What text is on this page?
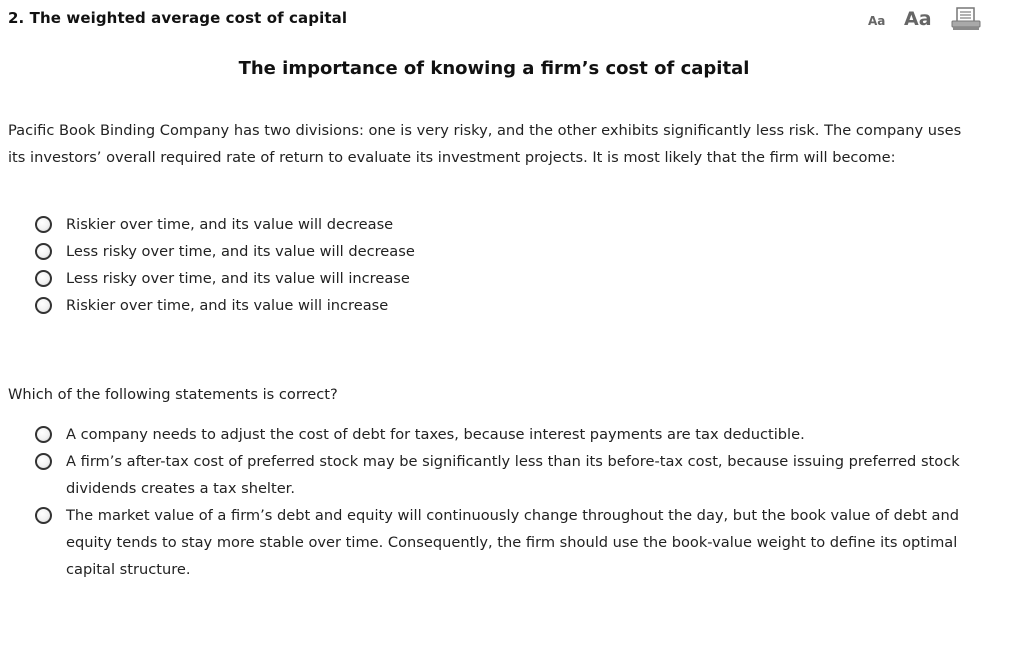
2. The weighted average cost of capital	Aa Aa
The importance of knowing a firm’s cost of capital
Pacific Book Binding Company has two divisions: one is very risky, and the other exhibits significantly less risk. The company uses its investors’ overall required rate of return to evaluate its investment projects. It is most likely that the firm will become:
Riskier over time, and its value will decrease
Less risky over time, and its value will decrease
Less risky over time, and its value will increase
Riskier over time, and its value will increase
Which of the following statements is correct?
A company needs to adjust the cost of debt for taxes, because interest payments are tax deductible.
A firm’s after-tax cost of preferred stock may be significantly less than its before-tax cost, because issuing preferred stock dividends creates a tax shelter.
The market value of a firm’s debt and equity will continuously change throughout the day, but the book value of debt and equity tends to stay more stable over time. Consequently, the firm should use the book-value weight to define its optimal capital structure.
